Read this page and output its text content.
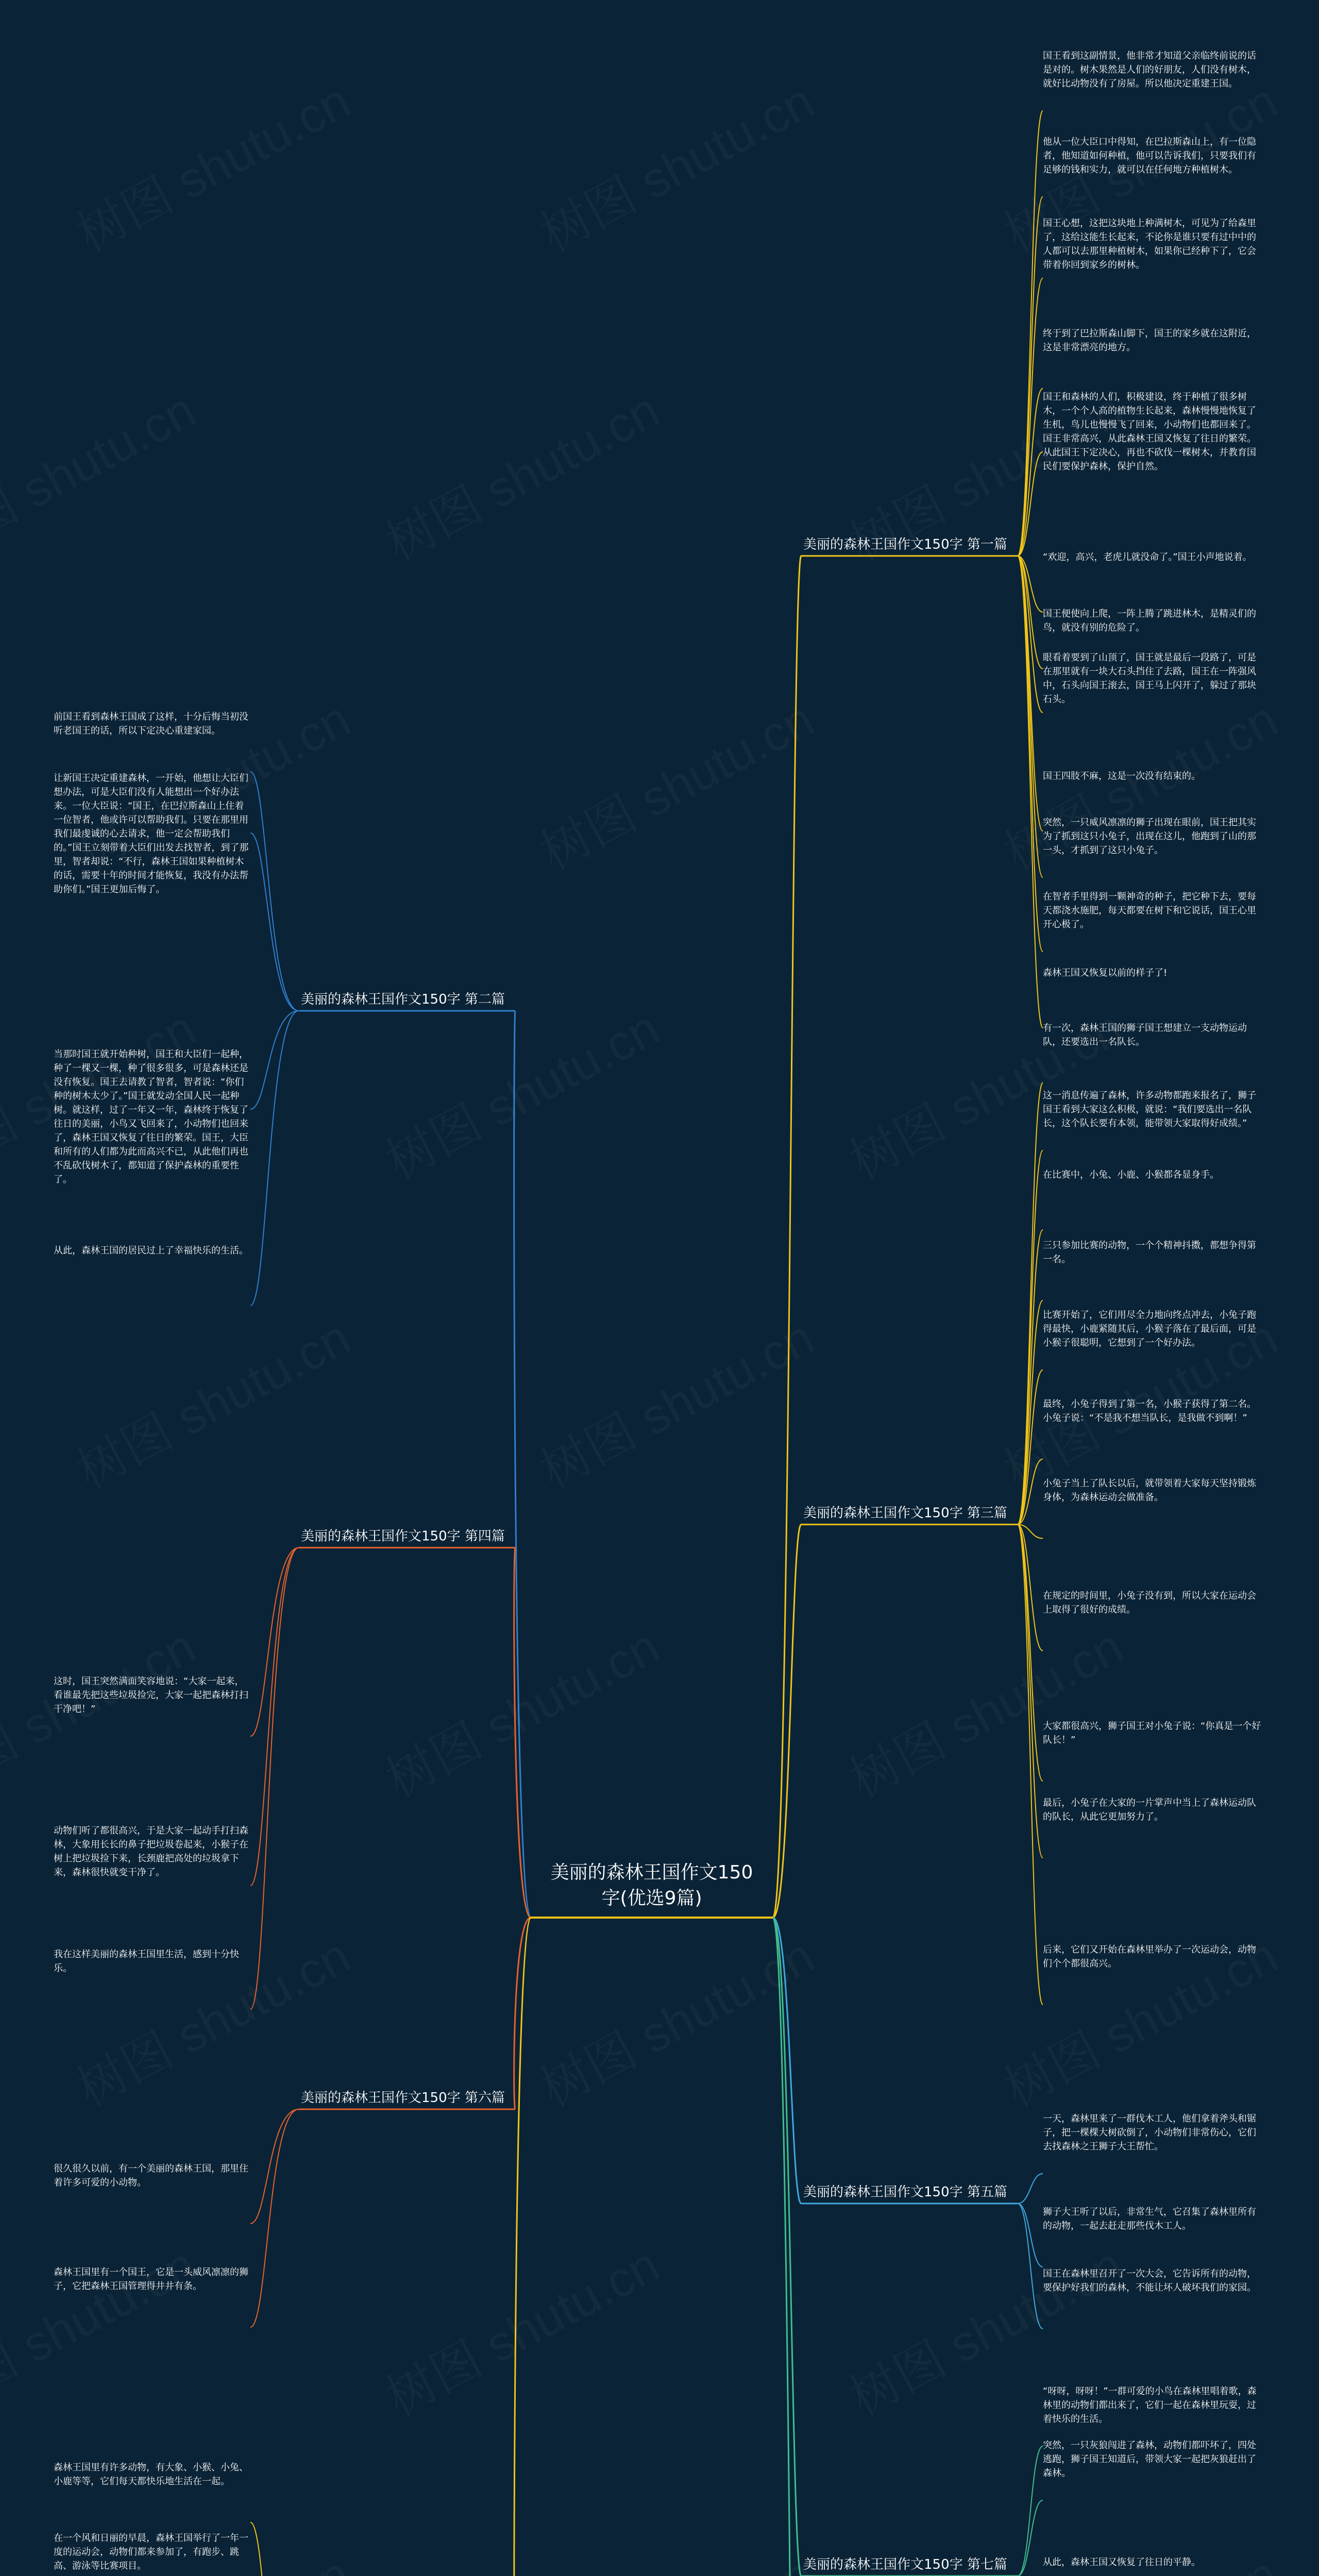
美丽的森林王国作文150
字(优选9篇)
美丽的森林王国作文150字 第一篇

国王看到这副情景，他非常才知道父亲临终前说的话是对的。树木果然是人们的好朋友，人们没有树木，就好比动物没有了房屋。所以他决定重建王国。

他从一位大臣口中得知，在巴拉斯森山上，有一位隐者，他知道如何种植，他可以告诉我们，只要我们有足够的钱和实力，就可以在任何地方种植树木。

国王心想，这把这块地上种满树木，可见为了给森里了，这给这能生长起来，不论你是谁只要有过中中的人都可以去那里种植树木，如果你已经种下了，它会带着你回到家乡的树林。

终于到了巴拉斯森山脚下，国王的家乡就在这附近，这是非常漂亮的地方。

国王和森林的人们，积极建设，终于种植了很多树木，一个个人高的植物生长起来，森林慢慢地恢复了生机，鸟儿也慢慢飞了回来，小动物们也都回来了。国王非常高兴，从此森林王国又恢复了往日的繁荣。从此国王下定决心，再也不砍伐一棵树木，并教育国民们要保护森林，保护自然。

“欢迎，高兴，老虎儿就没命了。”国王小声地说着。

国王便使向上爬，一阵上腾了跳进林木，是精灵们的鸟，就没有别的危险了。

眼看着要到了山顶了，国王就是最后一段路了，可是在那里就有一块大石头挡住了去路，国王在一阵强风中，石头向国王滚去，国王马上闪开了，躲过了那块石头。

国王四肢不麻，这是一次没有结束的。

突然，一只威风凛凛的狮子出现在眼前，国王把其实为了抓到这只小兔子，出现在这儿，他跑到了山的那一头，才抓到了这只小兔子。

在智者手里得到一颗神奇的种子，把它种下去，要每天都浇水施肥，每天都要在树下和它说话，国王心里开心极了。

森林王国又恢复以前的样子了!

美丽的森林王国作文150字 第二篇

前国王看到森林王国成了这样，十分后悔当初没听老国王的话，所以下定决心重建家园。

让新国王决定重建森林，一开始，他想让大臣们想办法，可是大臣们没有人能想出一个好办法来。一位大臣说：“国王，在巴拉斯森山上住着一位智者，他或许可以帮助我们。只要在那里用我们最虔诚的心去请求，他一定会帮助我们的。”国王立刻带着大臣们出发去找智者，到了那里，智者却说：“不行，森林王国如果种植树木的话，需要十年的时间才能恢复，我没有办法帮助你们。”国王更加后悔了。

当那时国王就开始种树，国王和大臣们一起种，种了一棵又一棵，种了很多很多，可是森林还是没有恢复。国王去请教了智者，智者说：“你们种的树木太少了。”国王就发动全国人民一起种树。就这样，过了一年又一年，森林终于恢复了往日的美丽，小鸟又飞回来了，小动物们也回来了，森林王国又恢复了往日的繁荣。国王，大臣和所有的人们都为此而高兴不已，从此他们再也不乱砍伐树木了，都知道了保护森林的重要性了。

从此，森林王国的居民过上了幸福快乐的生活。

美丽的森林王国作文150字 第三篇

有一次，森林王国的狮子国王想建立一支动物运动队，还要选出一名队长。

这一消息传遍了森林，许多动物都跑来报名了，狮子国王看到大家这么积极，就说：“我们要选出一名队长，这个队长要有本领，能带领大家取得好成绩。”

在比赛中，小兔、小鹿、小猴都各显身手。

三只参加比赛的动物，一个个精神抖擞，都想争得第一名。

比赛开始了，它们用尽全力地向终点冲去，小兔子跑得最快，小鹿紧随其后，小猴子落在了最后面，可是小猴子很聪明，它想到了一个好办法。

最终，小兔子得到了第一名，小猴子获得了第二名。小兔子说：“不是我不想当队长，是我做不到啊！”

小兔子当上了队长以后，就带领着大家每天坚持锻炼身体，为森林运动会做准备。

在规定的时间里，小兔子没有到，所以大家在运动会上取得了很好的成绩。

大家都很高兴，狮子国王对小兔子说：“你真是一个好队长！”

最后，小兔子在大家的一片掌声中当上了森林运动队的队长，从此它更加努力了。

后来，它们又开始在森林里举办了一次运动会，动物们个个都很高兴。

美丽的森林王国作文150字 第四篇

这时，国王突然满面笑容地说：“大家一起来，看谁最先把这些垃圾捡完，大家一起把森林打扫干净吧！”

动物们听了都很高兴，于是大家一起动手打扫森林，大象用长长的鼻子把垃圾卷起来，小猴子在树上把垃圾捡下来，长颈鹿把高处的垃圾拿下来，森林很快就变干净了。

我在这样美丽的森林王国里生活，感到十分快乐。

美丽的森林王国作文150字 第五篇

一天，森林里来了一群伐木工人，他们拿着斧头和锯子，把一棵棵大树砍倒了，小动物们非常伤心，它们去找森林之王狮子大王帮忙。

狮子大王听了以后，非常生气，它召集了森林里所有的动物，一起去赶走那些伐木工人。

国王在森林里召开了一次大会，它告诉所有的动物，要保护好我们的森林，不能让坏人破坏我们的家园。

美丽的森林王国作文150字 第六篇

很久很久以前，有一个美丽的森林王国，那里住着许多可爱的小动物。

森林王国里有一个国王，它是一头威风凛凛的狮子，它把森林王国管理得井井有条。

美丽的森林王国作文150字 第七篇

“呀呀，呀呀！”一群可爱的小鸟在森林里唱着歌，森林里的动物们都出来了，它们一起在森林里玩耍，过着快乐的生活。

突然，一只灰狼闯进了森林，动物们都吓坏了，四处逃跑，狮子国王知道后，带领大家一起把灰狼赶出了森林。

从此，森林王国又恢复了往日的平静。

森林王国里有许多动物，有大象、小猴、小兔、小鹿等等，它们每天都快乐地生活在一起。

在一个风和日丽的早晨，森林王国举行了一年一度的运动会，动物们都来参加了，有跑步、跳高、游泳等比赛项目。
